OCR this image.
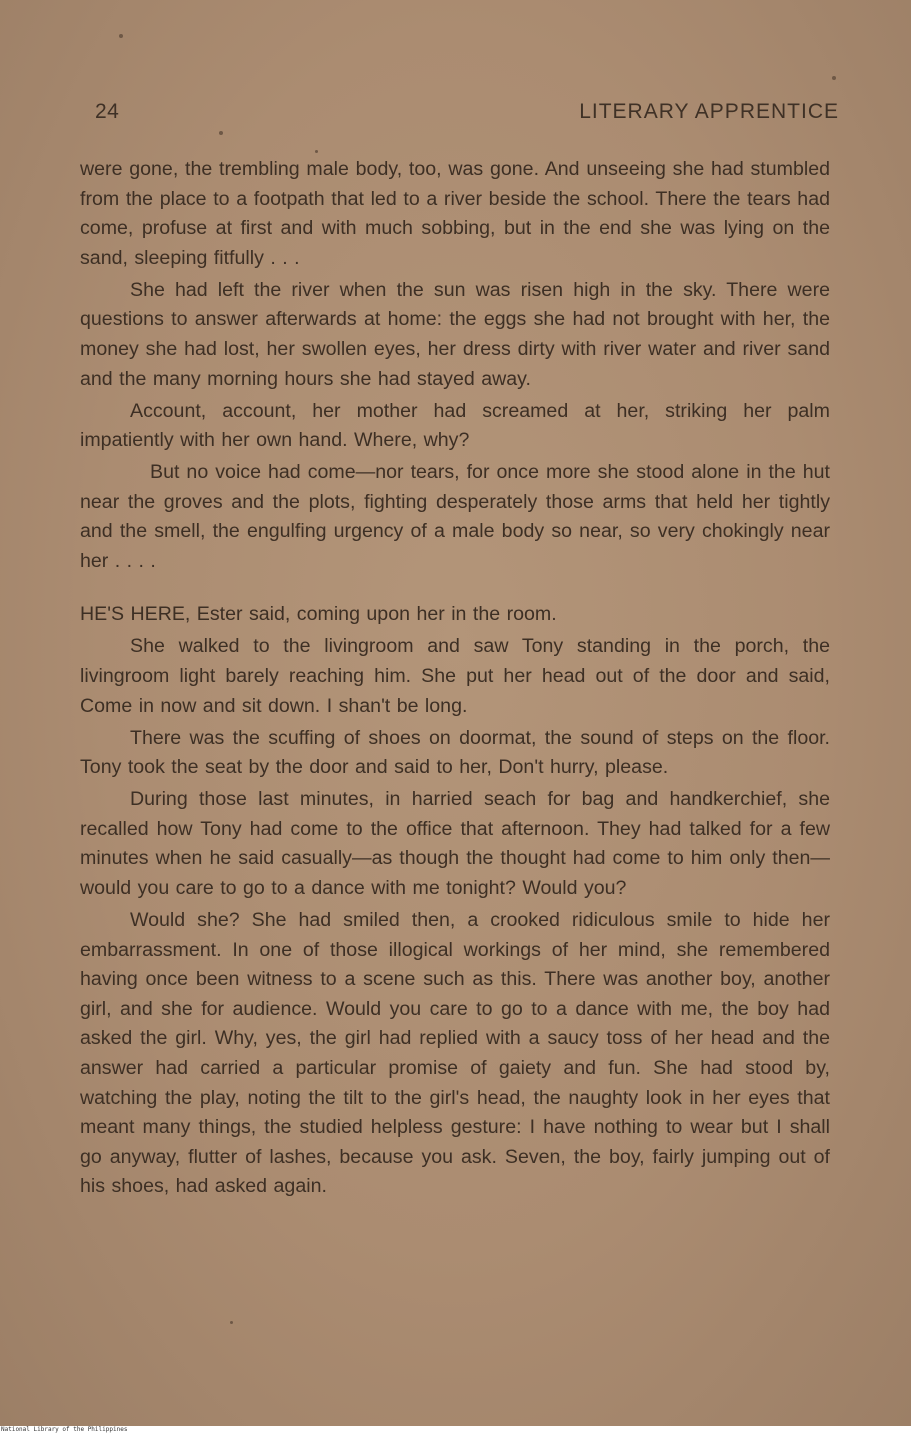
24	LITERARY APPRENTICE

were gone, the trembling male body, too, was gone. And unseeing she had stumbled from the place to a footpath that led to a river beside the school. There the tears had come, profuse at first and with much sobbing, but in the end she was lying on the sand, sleeping fitfully . . .

She had left the river when the sun was risen high in the sky. There were questions to answer afterwards at home: the eggs she had not brought with her, the money she had lost, her swollen eyes, her dress dirty with river water and river sand and the many morning hours she had stayed away.

Account, account, her mother had screamed at her, striking her palm impatiently with her own hand. Where, why?

But no voice had come—nor tears, for once more she stood alone in the hut near the groves and the plots, fighting desperately those arms that held her tightly and the smell, the engulfing urgency of a male body so near, so very chokingly near her . . . .

HE'S HERE, Ester said, coming upon her in the room.

She walked to the livingroom and saw Tony standing in the porch, the livingroom light barely reaching him. She put her head out of the door and said, Come in now and sit down. I shan't be long.

There was the scuffing of shoes on doormat, the sound of steps on the floor. Tony took the seat by the door and said to her, Don't hurry, please.

During those last minutes, in harried seach for bag and handkerchief, she recalled how Tony had come to the office that afternoon. They had talked for a few minutes when he said casually—as though the thought had come to him only then—would you care to go to a dance with me tonight? Would you?

Would she? She had smiled then, a crooked ridiculous smile to hide her embarrassment. In one of those illogical workings of her mind, she remembered having once been witness to a scene such as this. There was another boy, another girl, and she for audience. Would you care to go to a dance with me, the boy had asked the girl. Why, yes, the girl had replied with a saucy toss of her head and the answer had carried a particular promise of gaiety and fun. She had stood by, watching the play, noting the tilt to the girl's head, the naughty look in her eyes that meant many things, the studied helpless gesture: I have nothing to wear but I shall go anyway, flutter of lashes, because you ask. Seven, the boy, fairly jumping out of his shoes, had asked again.

National Library of the Philippines
